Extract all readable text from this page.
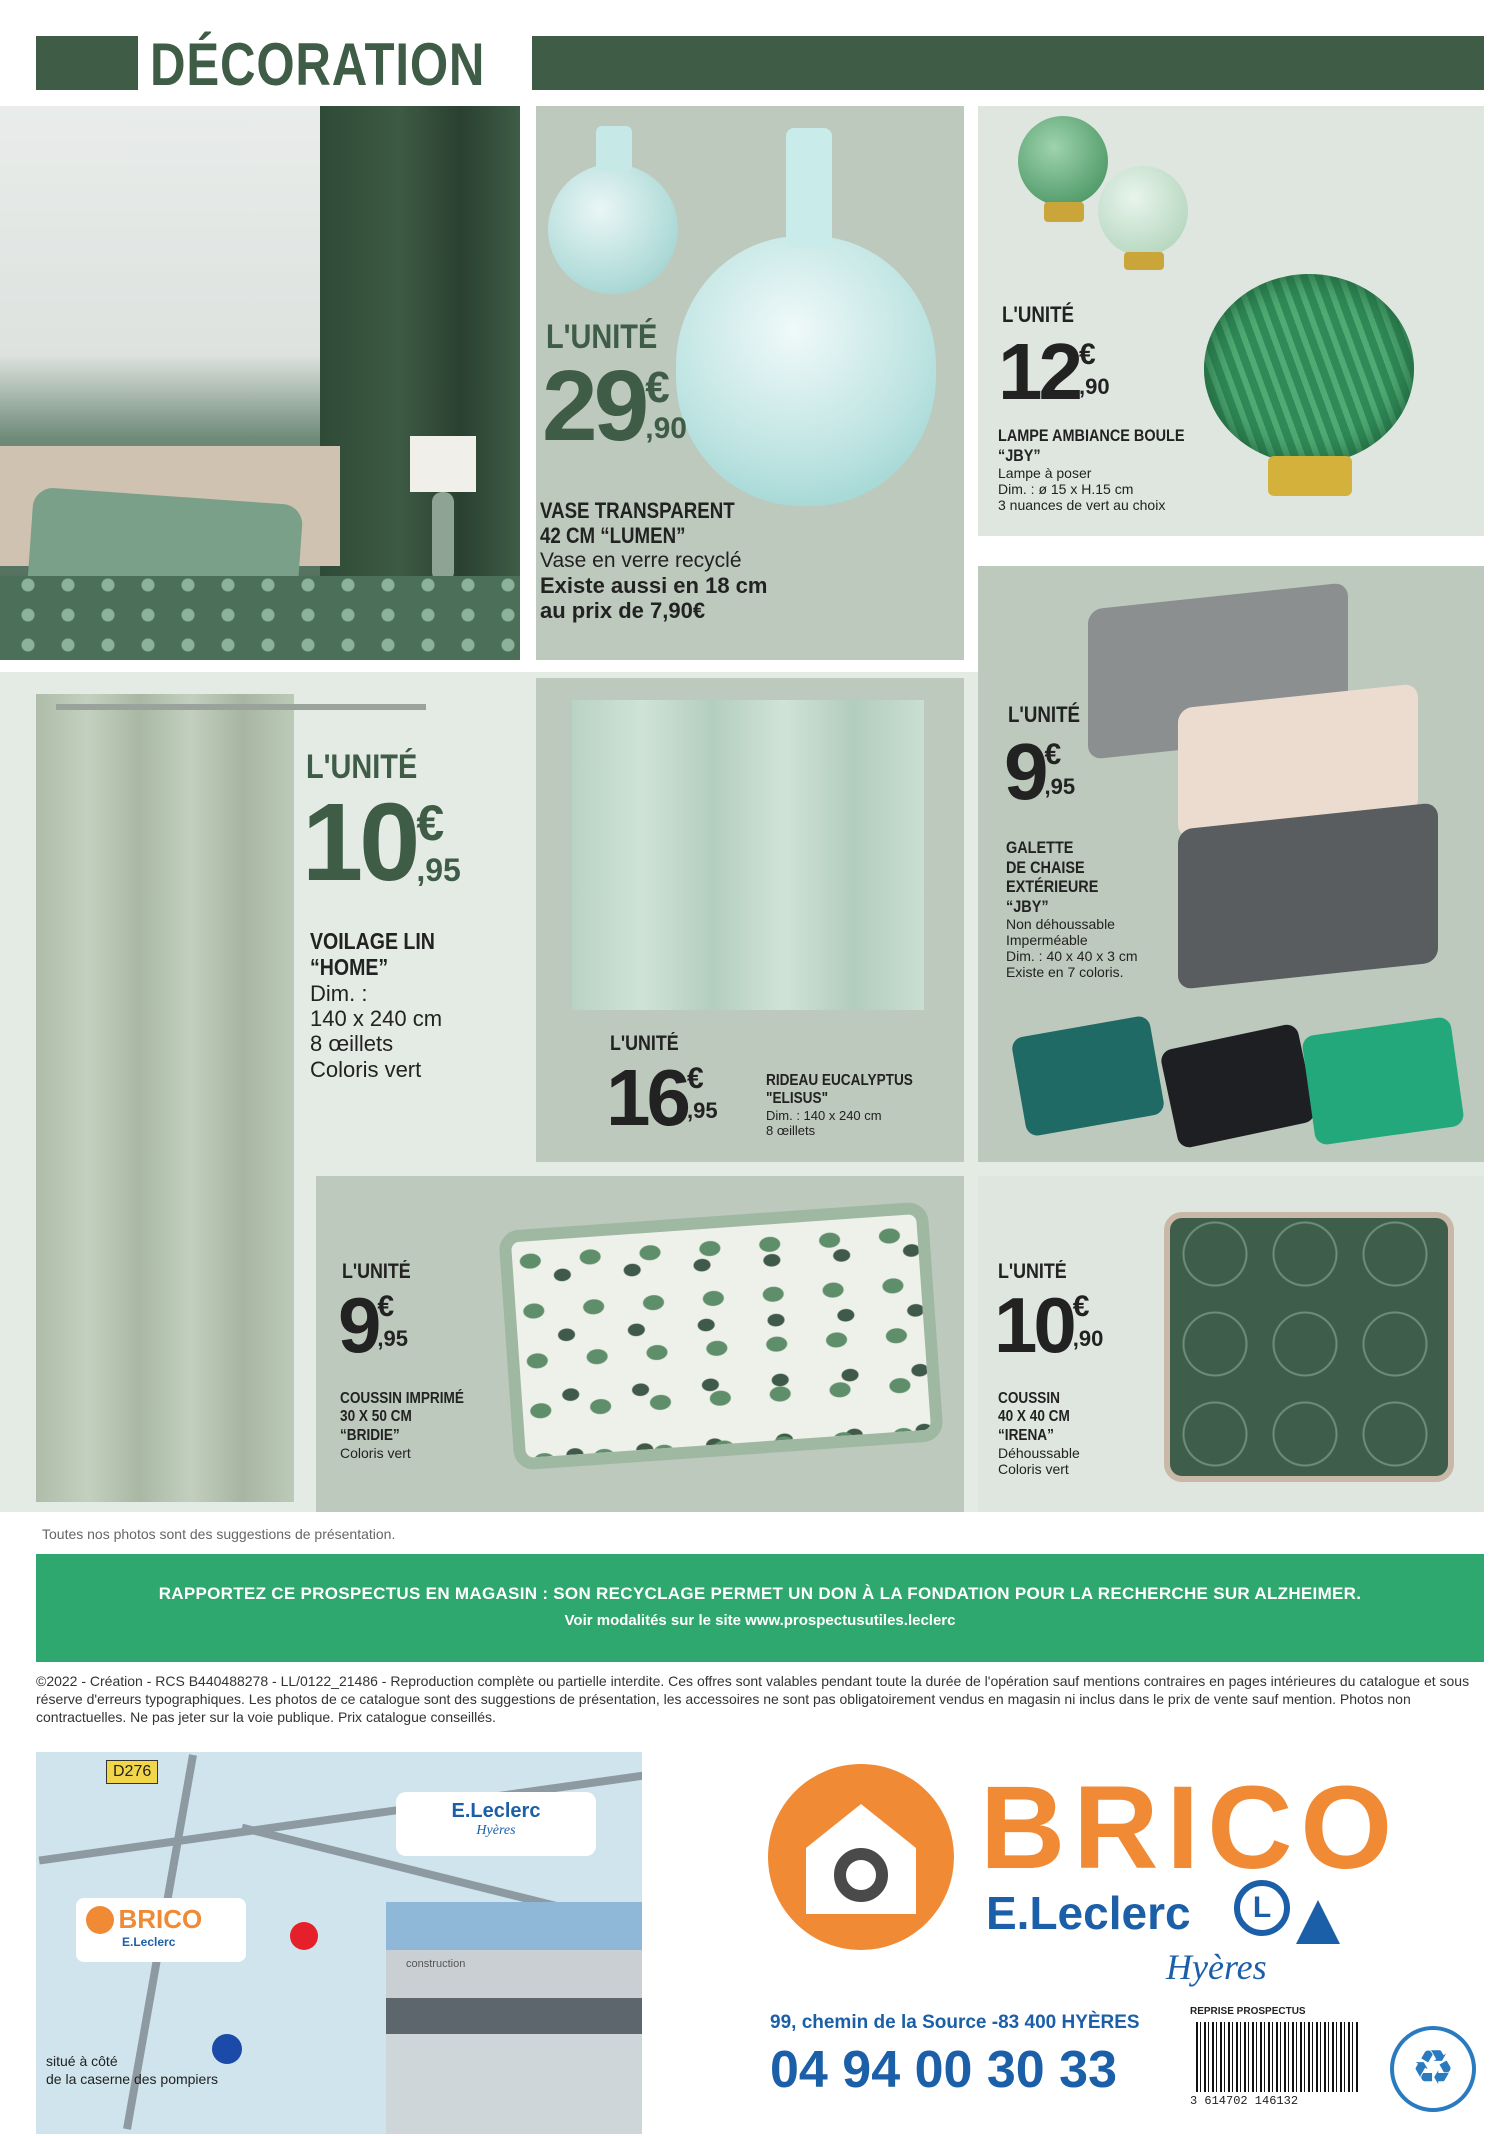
DÉCORATION
L'UNITÉ
29 €
,90
VASE TRANSPARENT
42 CM “LUMEN”
Vase en verre recyclé
Existe aussi en 18 cm
au prix de 7,90€
L'UNITÉ
12 €
,90
LAMPE AMBIANCE BOULE
“JBY”
Lampe à poser
Dim. : ø 15 x H.15 cm
3 nuances de vert au choix
L'UNITÉ
10 €
,95
VOILAGE LIN
“HOME”
Dim. :
140 x 240 cm
8 œillets
Coloris vert
L'UNITÉ
16 €
,95
RIDEAU EUCALYPTUS
"ELISUS"
Dim. : 140 x 240 cm
8 œillets
L'UNITÉ
9 €
,95
GALETTE
DE CHAISE
EXTÉRIEURE
“JBY”
Non déhoussable
Imperméable
Dim. : 40 x 40 x 3 cm
Existe en 7 coloris.
L'UNITÉ
9 €
,95
COUSSIN IMPRIMÉ
30 X 50 CM
“BRIDIE”
Coloris vert
L'UNITÉ
10 €
,90
COUSSIN
40 X 40 CM
“IRENA”
Déhoussable
Coloris vert
Toutes nos photos sont des suggestions de présentation.
RAPPORTEZ CE PROSPECTUS EN MAGASIN : SON RECYCLAGE PERMET UN DON À LA FONDATION POUR LA RECHERCHE SUR ALZHEIMER.
Voir modalités sur le site www.prospectusutiles.leclerc
©2022 - Création - RCS B440488278 - LL/0122_21486 - Reproduction complète ou partielle interdite. Ces offres sont valables pendant toute la durée de l'opération sauf mentions contraires en pages intérieures du catalogue et sous réserve d'erreurs typographiques. Les photos de ce catalogue sont des suggestions de présentation, les accessoires ne sont pas obligatoirement vendus en magasin ni inclus dans le prix de vente sauf mention. Photos non contractuelles. Ne pas jeter sur la voie publique. Prix catalogue conseillés.
D276
E.Leclerc
Hyères
BRICO
E.Leclerc
construction
situé à côté
de la caserne des pompiers
BRICO
E.Leclerc	L
Hyères
99, chemin de la Source -83 400 HYÈRES
04 94 00 30 33
REPRISE PROSPECTUS
3 614702 146132
♻
